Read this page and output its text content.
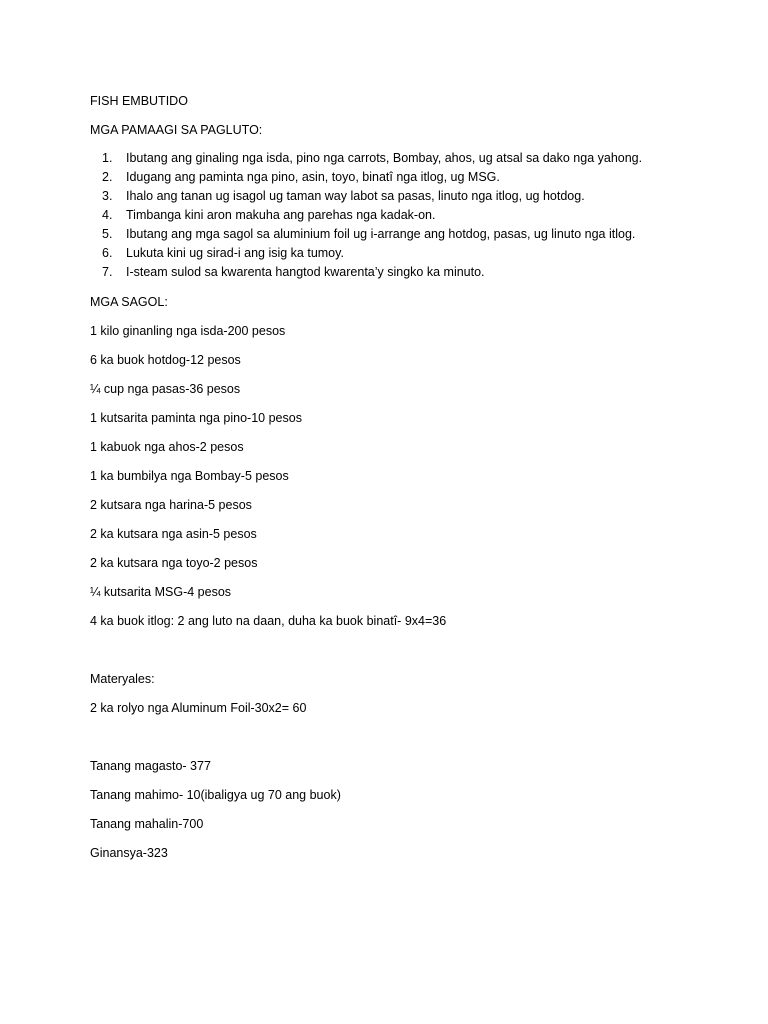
FISH EMBUTIDO

MGA PAMAAGI SA PAGLUTO:

1.	Ibutang ang ginaling nga isda, pino nga carrots, Bombay, ahos, ug atsal sa dako nga yahong.
2.	Idugang ang paminta nga pino, asin, toyo, binatî nga itlog, ug MSG.
3.	Ihalo ang tanan ug isagol ug taman way labot sa pasas, linuto nga itlog, ug hotdog.
4.	Timbanga kini aron makuha ang parehas nga kadak-on.
5.	Ibutang ang mga sagol sa aluminium foil ug i-arrange ang hotdog, pasas, ug linuto nga itlog.
6.	Lukuta kini ug sirad-i ang isig ka tumoy.
7.	I-steam sulod sa kwarenta hangtod kwarenta’y singko ka minuto.

MGA SAGOL:

1 kilo ginanling nga isda-200 pesos

6 ka buok hotdog-12 pesos

¼ cup nga pasas-36 pesos

1 kutsarita paminta nga pino-10 pesos

1 kabuok nga ahos-2 pesos

1 ka bumbilya nga Bombay-5 pesos

2 kutsara nga harina-5 pesos

2 ka kutsara nga asin-5 pesos

2 ka kutsara nga toyo-2 pesos

¼ kutsarita MSG-4 pesos

4 ka buok itlog: 2 ang luto na daan, duha ka buok binatî- 9x4=36

Materyales:

2 ka rolyo nga Aluminum Foil-30x2= 60

Tanang magasto- 377

Tanang mahimo- 10(ibaligya ug 70 ang buok)

Tanang mahalin-700

Ginansya-323
